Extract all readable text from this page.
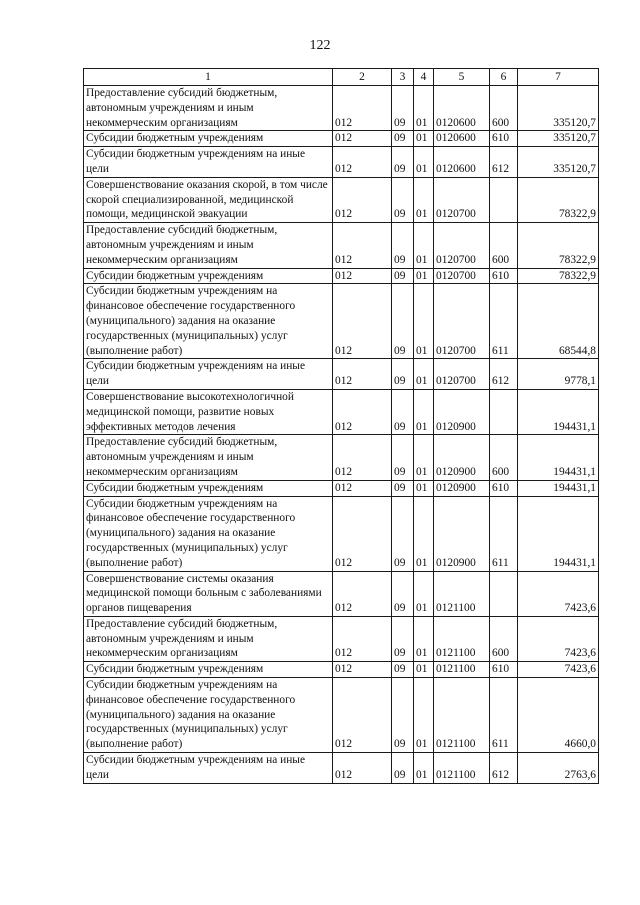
122
1	2	3	4	5	6	7
Предоставление субсидий бюджетным, автономным учреждениям и иным некоммерческим организациям	012	09	01	0120600	600	335120,7
Субсидии бюджетным учреждениям	012	09	01	0120600	610	335120,7
Субсидии бюджетным учреждениям на иные цели	012	09	01	0120600	612	335120,7
Совершенствование оказания скорой, в том числе скорой специализированной, медицинской помощи, медицинской эвакуации	012	09	01	0120700		78322,9
Предоставление субсидий бюджетным, автономным учреждениям и иным некоммерческим организациям	012	09	01	0120700	600	78322,9
Субсидии бюджетным учреждениям	012	09	01	0120700	610	78322,9
Субсидии бюджетным учреждениям на финансовое обеспечение государственного (муниципального) задания на оказание государственных (муниципальных) услуг (выполнение работ)	012	09	01	0120700	611	68544,8
Субсидии бюджетным учреждениям на иные цели	012	09	01	0120700	612	9778,1
Совершенствование высокотехнологичной медицинской помощи, развитие новых эффективных методов лечения	012	09	01	0120900		194431,1
Предоставление субсидий бюджетным, автономным учреждениям и иным некоммерческим организациям	012	09	01	0120900	600	194431,1
Субсидии бюджетным учреждениям	012	09	01	0120900	610	194431,1
Субсидии бюджетным учреждениям на финансовое обеспечение государственного (муниципального) задания на оказание государственных (муниципальных) услуг (выполнение работ)	012	09	01	0120900	611	194431,1
Совершенствование системы оказания медицинской помощи больным с заболеваниями органов пищеварения	012	09	01	0121100		7423,6
Предоставление субсидий бюджетным, автономным учреждениям и иным некоммерческим организациям	012	09	01	0121100	600	7423,6
Субсидии бюджетным учреждениям	012	09	01	0121100	610	7423,6
Субсидии бюджетным учреждениям на финансовое обеспечение государственного (муниципального) задания на оказание государственных (муниципальных) услуг (выполнение работ)	012	09	01	0121100	611	4660,0
Субсидии бюджетным учреждениям на иные цели	012	09	01	0121100	612	2763,6
